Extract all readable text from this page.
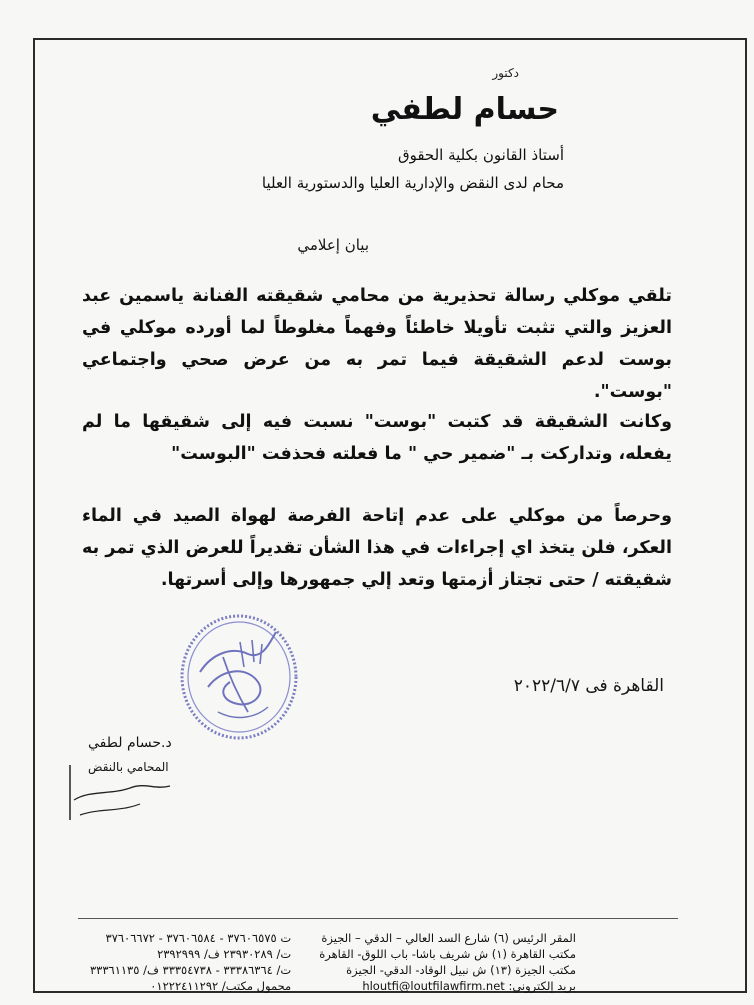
دكتور
حسام لطفي
أستاذ القانون بكلية الحقوق
محام لدى النقض والإدارية العليا والدستورية العليا
بيان إعلامي

تلقي موكلي رسالة تحذيرية من محامي شقيقته الفنانة ياسمين عبد العزيز والتي تثبت تأويلا خاطئاً وفهماً مغلوطاً لما أورده موكلي في بوست لدعم الشقيقة فيما تمر به من عرض صحي واجتماعي "بوست".

وكانت الشقيقة قد كتبت "بوست" نسبت فيه إلى شقيقها ما لم يفعله، وتداركت بـ "ضمير حي " ما فعلته فحذفت "البوست"

وحرصاً من موكلي على عدم إتاحة الفرصة لهواة الصيد في الماء العكر، فلن يتخذ اي إجراءات في هذا الشأن تقديراً للعرض الذي تمر به شقيقته / حتى تجتاز أزمتها وتعد إلي جمهورها وإلى أسرتها.

القاهرة فى ٢٠٢٢/٦/٧
د.حسام لطفي
المحامي بالنقض
المقر الرئيس (٦) شارع السد العالي – الدقي – الجيزة
مكتب القاهرة (١) ش شريف باشا- باب اللوق- القاهرة
مكتب الجيزة (١٣) ش نبيل الوقاد- الدقي- الجيزة
بريد إلكتروني: hloutfi@loutfilawfirm.net
ت ٣٧٦٠٦٥٧٥ - ٣٧٦٠٦٥٨٤ - ٣٧٦٠٦٦٧٢
ت/ ٢٣٩٣٠٢٨٩ ف/ ٢٣٩٢٩٩٩
ت/ ٣٣٣٨٦٣٦٤ - ٣٣٣٥٤٧٣٨ ف/ ٣٣٣٦١١٣٥
محمول مكتب/ ٠١٢٢٢٤١١٢٩٢
